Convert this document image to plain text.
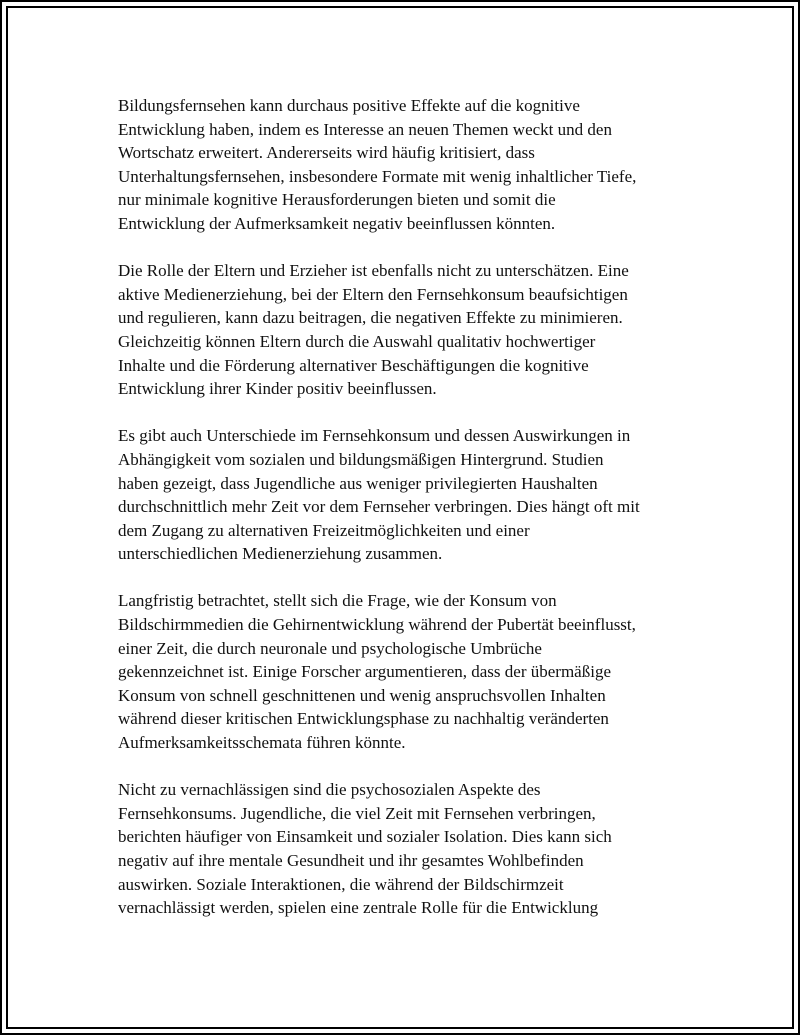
Bildungsfernsehen kann durchaus positive Effekte auf die kognitive
Entwicklung haben, indem es Interesse an neuen Themen weckt und den
Wortschatz erweitert. Andererseits wird häufig kritisiert, dass
Unterhaltungsfernsehen, insbesondere Formate mit wenig inhaltlicher Tiefe,
nur minimale kognitive Herausforderungen bieten und somit die
Entwicklung der Aufmerksamkeit negativ beeinflussen könnten.

Die Rolle der Eltern und Erzieher ist ebenfalls nicht zu unterschätzen. Eine
aktive Medienerziehung, bei der Eltern den Fernsehkonsum beaufsichtigen
und regulieren, kann dazu beitragen, die negativen Effekte zu minimieren.
Gleichzeitig können Eltern durch die Auswahl qualitativ hochwertiger
Inhalte und die Förderung alternativer Beschäftigungen die kognitive
Entwicklung ihrer Kinder positiv beeinflussen.

Es gibt auch Unterschiede im Fernsehkonsum und dessen Auswirkungen in
Abhängigkeit vom sozialen und bildungsmäßigen Hintergrund. Studien
haben gezeigt, dass Jugendliche aus weniger privilegierten Haushalten
durchschnittlich mehr Zeit vor dem Fernseher verbringen. Dies hängt oft mit
dem Zugang zu alternativen Freizeitmöglichkeiten und einer
unterschiedlichen Medienerziehung zusammen.

Langfristig betrachtet, stellt sich die Frage, wie der Konsum von
Bildschirmmedien die Gehirnentwicklung während der Pubertät beeinflusst,
einer Zeit, die durch neuronale und psychologische Umbrüche
gekennzeichnet ist. Einige Forscher argumentieren, dass der übermäßige
Konsum von schnell geschnittenen und wenig anspruchsvollen Inhalten
während dieser kritischen Entwicklungsphase zu nachhaltig veränderten
Aufmerksamkeitsschemata führen könnte.

Nicht zu vernachlässigen sind die psychosozialen Aspekte des
Fernsehkonsums. Jugendliche, die viel Zeit mit Fernsehen verbringen,
berichten häufiger von Einsamkeit und sozialer Isolation. Dies kann sich
negativ auf ihre mentale Gesundheit und ihr gesamtes Wohlbefinden
auswirken. Soziale Interaktionen, die während der Bildschirmzeit
vernachlässigt werden, spielen eine zentrale Rolle für die Entwicklung
